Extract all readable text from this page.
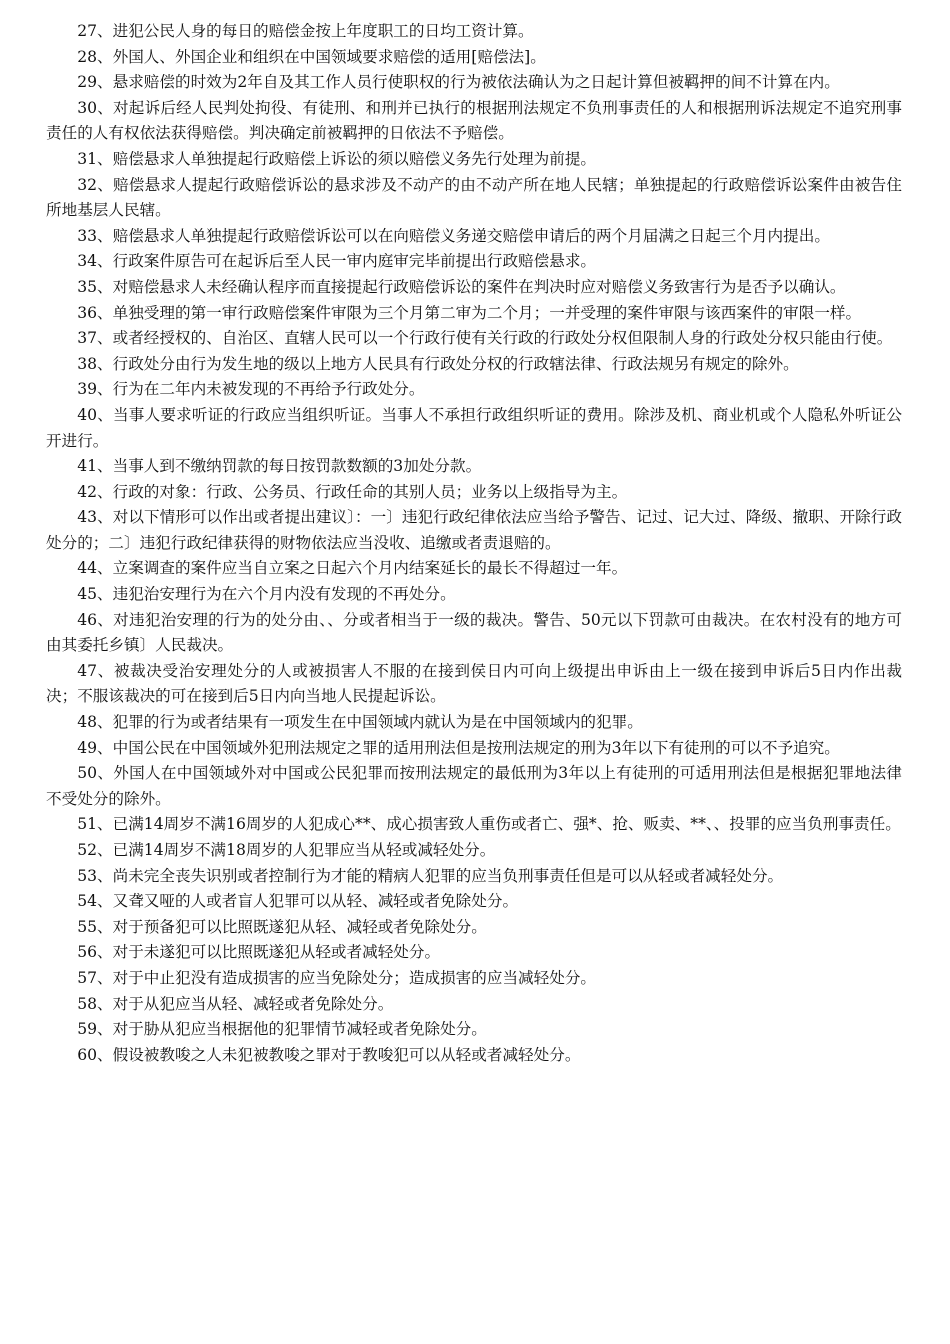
27、进犯公民人身的每日的赔偿金按上年度职工的日均工资计算。

28、外国人、外国企业和组织在中国领域要求赔偿的适用[赔偿法]。

29、悬求赔偿的时效为2年自及其工作人员行使职权的行为被依法确认为之日起计算但被羁押的间不计算在内。

30、对起诉后经人民判处拘役、有徒刑、和刑并已执行的根据刑法规定不负刑事责任的人和根据刑诉法规定不追究刑事责任的人有权依法获得赔偿。判决确定前被羁押的日依法不予赔偿。

31、赔偿悬求人单独提起行政赔偿上诉讼的须以赔偿义务先行处理为前提。

32、赔偿悬求人提起行政赔偿诉讼的悬求涉及不动产的由不动产所在地人民辖；单独提起的行政赔偿诉讼案件由被告住所地基层人民辖。

33、赔偿悬求人单独提起行政赔偿诉讼可以在向赔偿义务递交赔偿申请后的两个月届满之日起三个月内提出。

34、行政案件原告可在起诉后至人民一审内庭审完毕前提出行政赔偿悬求。

35、对赔偿悬求人未经确认程序而直接提起行政赔偿诉讼的案件在判决时应对赔偿义务致害行为是否予以确认。

36、单独受理的第一审行政赔偿案件审限为三个月第二审为二个月；一并受理的案件审限与该西案件的审限一样。

37、或者经授权的、自治区、直辖人民可以一个行政行使有关行政的行政处分权但限制人身的行政处分权只能由行使。

38、行政处分由行为发生地的级以上地方人民具有行政处分权的行政辖法律、行政法规另有规定的除外。

39、行为在二年内未被发现的不再给予行政处分。

40、当事人要求听证的行政应当组织听证。当事人不承担行政组织听证的费用。除涉及机、商业机或个人隐私外听证公开进行。

41、当事人到不缴纳罚款的每日按罚款数额的3加处分款。

42、行政的对象：行政、公务员、行政任命的其别人员；业务以上级指导为主。

43、对以下情形可以作出或者提出建议〕：一〕违犯行政纪律依法应当给予警告、记过、记大过、降级、撤职、开除行政处分的；二〕违犯行政纪律获得的财物依法应当没收、追缴或者责退赔的。

44、立案调查的案件应当自立案之日起六个月内结案延长的最长不得超过一年。

45、违犯治安理行为在六个月内没有发现的不再处分。

46、对违犯治安理的行为的处分由、、分或者相当于一级的裁决。警告、50元以下罚款可由裁决。在农村没有的地方可由其委托乡镇〕人民裁决。

47、被裁决受治安理处分的人或被损害人不服的在接到侯日内可向上级提出申诉由上一级在接到申诉后5日内作出裁决；不服该裁决的可在接到后5日内向当地人民提起诉讼。

48、犯罪的行为或者结果有一项发生在中国领域内就认为是在中国领域内的犯罪。

49、中国公民在中国领域外犯刑法规定之罪的适用刑法但是按刑法规定的刑为3年以下有徒刑的可以不予追究。

50、外国人在中国领域外对中国或公民犯罪而按刑法规定的最低刑为3年以上有徒刑的可适用刑法但是根据犯罪地法律不受处分的除外。

51、已满14周岁不满16周岁的人犯成心**、成心损害致人重伤或者亡、强*、抢、贩卖、**、、投罪的应当负刑事责任。

52、已满14周岁不满18周岁的人犯罪应当从轻或减轻处分。

53、尚未完全丧失识别或者控制行为才能的精病人犯罪的应当负刑事责任但是可以从轻或者减轻处分。

54、又聋又哑的人或者盲人犯罪可以从轻、减轻或者免除处分。

55、对于预备犯可以比照既遂犯从轻、减轻或者免除处分。

56、对于未遂犯可以比照既遂犯从轻或者减轻处分。

57、对于中止犯没有造成损害的应当免除处分；造成损害的应当减轻处分。

58、对于从犯应当从轻、减轻或者免除处分。

59、对于胁从犯应当根据他的犯罪情节减轻或者免除处分。

60、假设被教唆之人未犯被教唆之罪对于教唆犯可以从轻或者减轻处分。
